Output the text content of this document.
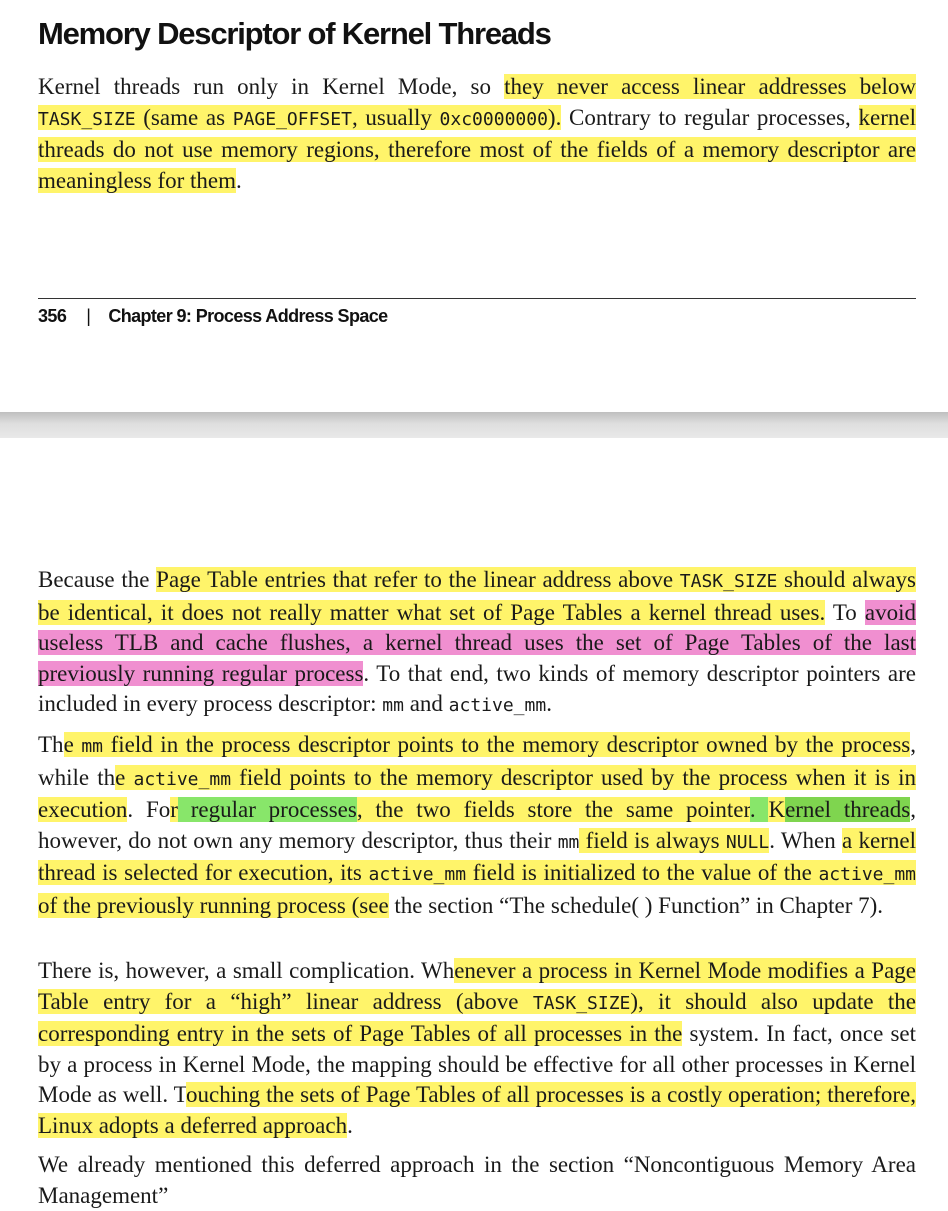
Memory Descriptor of Kernel Threads

Kernel threads run only in Kernel Mode, so they never access linear addresses below TASK_SIZE (same as PAGE_OFFSET, usually 0xc0000000). Contrary to regular processes, kernel threads do not use memory regions, therefore most of the fields of a memory descriptor are meaningless for them.

356 | Chapter 9: Process Address Space

Because the Page Table entries that refer to the linear address above TASK_SIZE should always be identical, it does not really matter what set of Page Tables a kernel thread uses. To avoid useless TLB and cache flushes, a kernel thread uses the set of Page Tables of the last previously running regular process. To that end, two kinds of memory descriptor pointers are included in every process descriptor: mm and active_mm.

The mm field in the process descriptor points to the memory descriptor owned by the process, while the active_mm field points to the memory descriptor used by the process when it is in execution. For regular processes, the two fields store the same pointer. Kernel threads, however, do not own any memory descriptor, thus their mm field is always NULL. When a kernel thread is selected for execution, its active_mm field is initialized to the value of the active_mm of the previously running process (see the section “The schedule( ) Function” in Chapter 7).

There is, however, a small complication. Whenever a process in Kernel Mode modifies a Page Table entry for a “high” linear address (above TASK_SIZE), it should also update the corresponding entry in the sets of Page Tables of all processes in the system. In fact, once set by a process in Kernel Mode, the mapping should be effective for all other processes in Kernel Mode as well. Touching the sets of Page Tables of all processes is a costly operation; therefore, Linux adopts a deferred approach.

We already mentioned this deferred approach in the section “Noncontiguous Memory Area Management”
